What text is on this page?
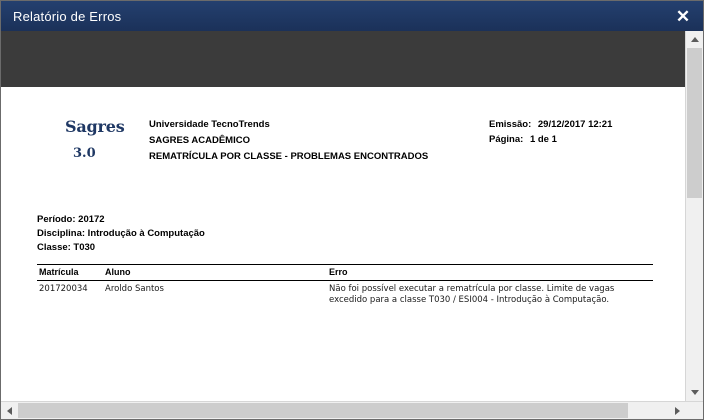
Relatório de Erros	✕
Sagres
3.0
Universidade TecnoTrends
SAGRES ACADÊMICO
REMATRÍCULA POR CLASSE - PROBLEMAS ENCONTRADOS
Emissão: 29/12/2017 12:21
Página: 1 de 1
Período: 20172
Disciplina: Introdução à Computação
Classe: T030
Matrícula	Aluno	Erro
201720034	Aroldo Santos	Não foi possível executar a rematrícula por classe. Limite de vagas excedido para a classe T030 / ESI004 - Introdução à Computação.
